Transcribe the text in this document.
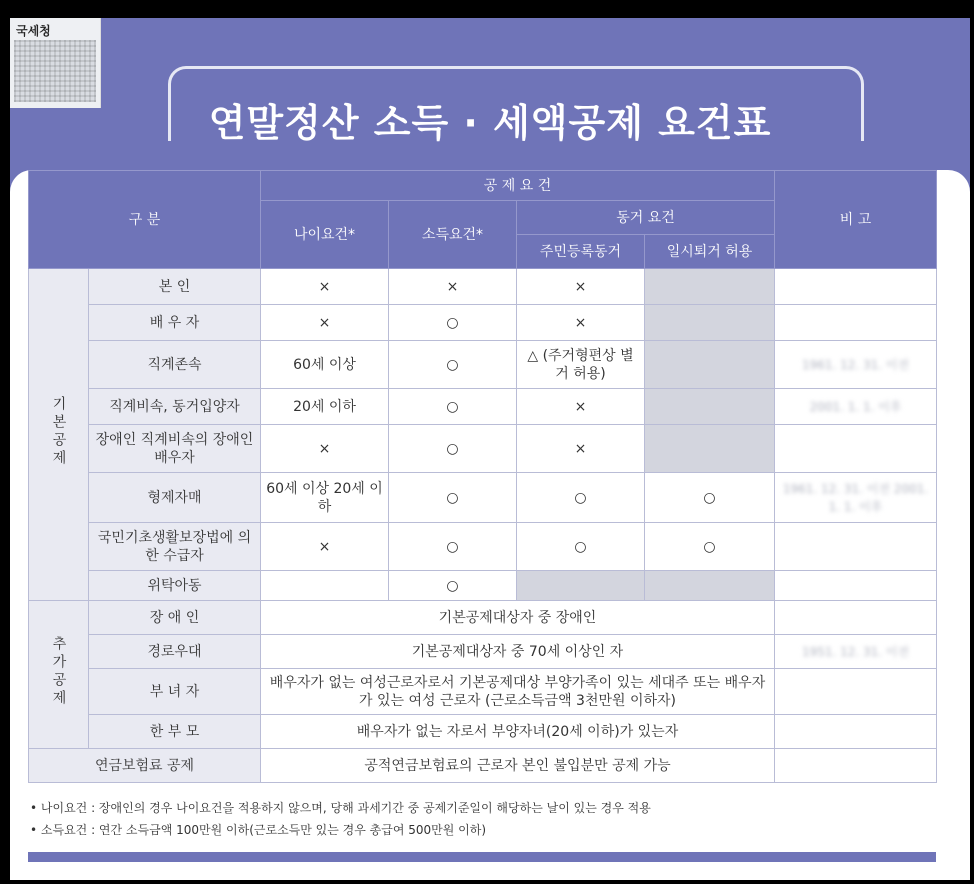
국세청
연말정산 소득 · 세액공제 요건표
구 분		공 제 요 건				비 고
		나이요건*	소득요건*	동거 요건		
				주민등록동거	일시퇴거 허용	
기본공제	본 인	×	×	×		
	배 우 자	×	○	×		
	직계존속	60세 이상	○	△ (주거형편상 별거 허용)		1961. 12. 31. 이전
	직계비속, 동거입양자	20세 이하	○	×		2001. 1. 1. 이후
	장애인 직계비속의 장애인 배우자	×	○	×		
	형제자매	60세 이상 20세 이하	○	○	○	1961. 12. 31. 이전 2001. 1. 1. 이후
	국민기초생활보장법에 의한 수급자	×	○	○	○	
	위탁아동		○			
추가공제	장 애 인	기본공제대상자 중 장애인				
	경로우대	기본공제대상자 중 70세 이상인 자				1951. 12. 31. 이전
	부 녀 자	배우자가 없는 여성근로자로서 기본공제대상 부양가족이 있는 세대주 또는 배우자가 있는 여성 근로자 (근로소득금액 3천만원 이하자)				
	한 부 모	배우자가 없는 자로서 부양자녀(20세 이하)가 있는자				
연금보험료 공제		공적연금보험료의 근로자 본인 불입분만 공제 가능				
• 나이요건 : 장애인의 경우 나이요건을 적용하지 않으며, 당해 과세기간 중 공제기준일이 해당하는 날이 있는 경우 적용
• 소득요건 : 연간 소득금액 100만원 이하(근로소득만 있는 경우 총급여 500만원 이하)
